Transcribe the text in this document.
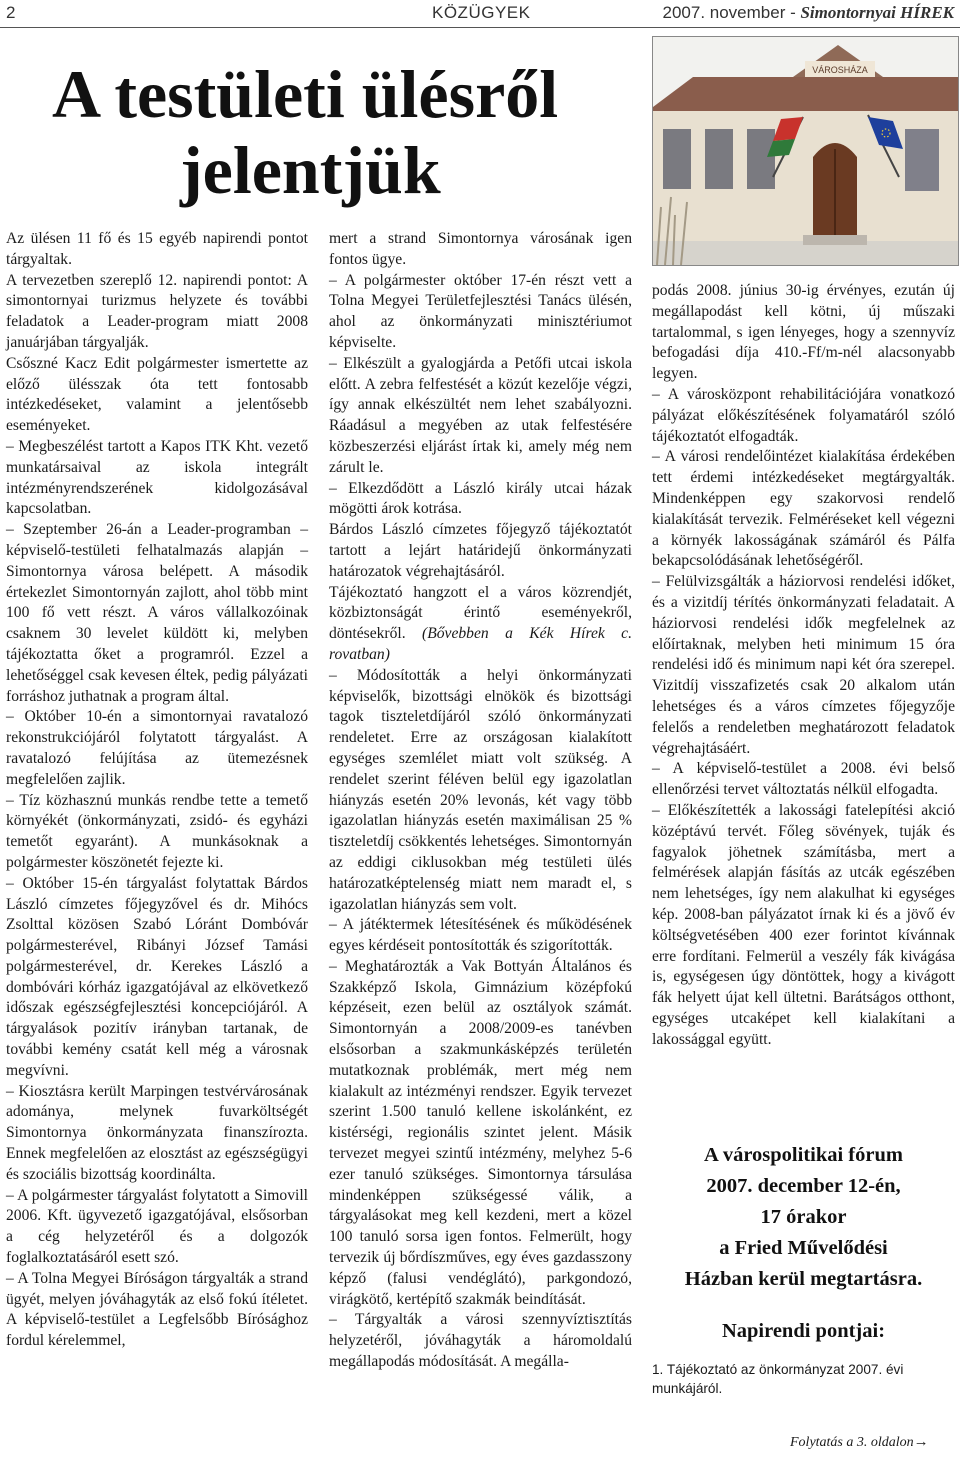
2	KÖZÜGYEK	2007. november - Simontornyai HÍREK
A testületi ülésről
jelentjük
VÁROSHÁZA

Az ülésen 11 fő és 15 egyéb napirendi pontot tárgyaltak.

A tervezetben szereplő 12. napirendi pontot: A simontornyai turizmus helyzete és további feladatok a Leader-program miatt 2008 januárjában tárgyalják.

Csőszné Kacz Edit polgármester ismertette az előző ülésszak óta tett fontosabb intézkedéseket, valamint a jelentősebb eseményeket.

– Megbeszélést tartott a Kapos ITK Kht. vezető munkatársaival az iskola integrált intézményrendszerének kidolgozásával kapcsolatban.

– Szeptember 26-án a Leader-programban – képviselő-testületi felhatalmazás alapján – Simontornya városa belépett. A második értekezlet Simontornyán zajlott, ahol több mint 100 fő vett részt. A város vállalkozóinak csaknem 30 levelet küldött ki, melyben tájékoztatta őket a programról. Ezzel a lehetőséggel csak kevesen éltek, pedig pályázati forráshoz juthatnak a program által.

– Október 10-én a simontornyai ravatalozó rekonstrukciójáról folytatott tárgyalást. A ravatalozó felújítása az ütemezésnek megfelelően zajlik.

– Tíz közhasznú munkás rendbe tette a temető környékét (önkormányzati, zsidó- és egyházi temetőt egyaránt). A munkásoknak a polgármester köszönetét fejezte ki.

– Október 15-én tárgyalást folytattak Bárdos László címzetes főjegyzővel és dr. Mihócs Zsolttal közösen Szabó Lóránt Dombóvár polgármesterével, Ribányi József Tamási polgármesterével, dr. Kerekes László a dombóvári kórház igazgatójával az elkövetkező időszak egészségfejlesztési koncepciójáról. A tárgyalások pozitív irányban tartanak, de további kemény csatát kell még a városnak megvívni.

– Kiosztásra került Marpingen testvérvárosának adománya, melynek fuvarköltségét Simontornya önkormányzata finanszírozta. Ennek megfelelően az elosztást az egészségügyi és szociális bizottság koordinálta.

– A polgármester tárgyalást folytatott a Simovill 2006. Kft. ügyvezető igazgatójával, elsősorban a cég helyzetéről és a dolgozók foglalkoztatásáról esett szó.

– A Tolna Megyei Bíróságon tárgyalták a strand ügyét, melyen jóváhagyták az első fokú ítéletet. A képviselő-testület a Legfelsőbb Bírósághoz fordul kérelemmel,

mert a strand Simontornya városának igen fontos ügye.

– A polgármester október 17-én részt vett a Tolna Megyei Területfejlesztési Tanács ülésén, ahol az önkormányzati minisztériumot képviselte.

– Elkészült a gyalogjárda a Petőfi utcai iskola előtt. A zebra felfestését a közút kezelője végzi, így annak elkészültét nem lehet szabályozni. Ráadásul a megyében az utak felfestésére közbeszerzési eljárást írtak ki, amely még nem zárult le.

– Elkezdődött a László király utcai házak mögötti árok kotrása.

Bárdos László címzetes főjegyző tájékoztatót tartott a lejárt határidejű önkormányzati határozatok végrehajtásáról.

Tájékoztató hangzott el a város közrendjét, közbiztonságát érintő eseményekről, döntésekről. (Bővebben a Kék Hírek c. rovatban)

– Módosították a helyi önkormányzati képviselők, bizottsági elnökök és bizottsági tagok tiszteletdíjáról szóló önkormányzati rendeletet. Erre az országosan kialakított egységes szemlélet miatt volt szükség. A rendelet szerint féléven belül egy igazolatlan hiányzás esetén 20% levonás, két vagy több igazolatlan hiányzás esetén maximálisan 25 % tiszteletdíj csökkentés lehetséges. Simontornyán az eddigi ciklusokban még testületi ülés határozatképtelenség miatt nem maradt el, s igazolatlan hiányzás sem volt.

– A játéktermek létesítésének és működésének egyes kérdéseit pontosították és szigorították.

– Meghatározták a Vak Bottyán Általános és Szakképző Iskola, Gimnázium középfokú képzéseit, ezen belül az osztályok számát. Simontornyán a 2008/2009-es tanévben elsősorban a szakmunkásképzés területén mutatkoznak problémák, mert még nem kialakult az intézményi rendszer. Egyik tervezet szerint 1.500 tanuló kellene iskolánként, ez kistérségi, regionális szintet jelent. Másik tervezet megyei szintű intézmény, melyhez 5-6 ezer tanuló szükséges. Simontornya társulása mindenképpen szükségessé válik, a tárgyalásokat meg kell kezdeni, mert a közel 100 tanuló sorsa igen fontos. Felmerült, hogy tervezik új bőrdíszműves, egy éves gazdasszony képző (falusi vendéglátó), parkgondozó, virágkötő, kertépítő szakmák beindítását.

– Tárgyalták a városi szennyvíztisztítás helyzetéről, jóváhagyták a háromoldalú megállapodás módosítását. A megálla-

podás 2008. június 30-ig érvényes, ezután új megállapodást kell kötni, új műszaki tartalommal, s igen lényeges, hogy a szennyvíz befogadási díja 410.-Ff/m-nél alacsonyabb legyen.

– A városközpont rehabilitációjára vonatkozó pályázat előkészítésének folyamatáról szóló tájékoztatót elfogadták.

– A városi rendelőintézet kialakítása érdekében tett érdemi intézkedéseket megtárgyalták. Mindenképpen egy szakorvosi rendelő kialakítását tervezik. Felméréseket kell végezni a környék lakosságának számáról és Pálfa bekapcsolódásának lehetőségéről.

– Felülvizsgálták a háziorvosi rendelési időket, és a vizitdíj térítés önkormányzati feladatait. A háziorvosi rendelési idők megfelelnek az előírtaknak, melyben heti minimum 15 óra rendelési idő és minimum napi két óra szerepel. Vizitdíj visszafizetés csak 20 alkalom után lehetséges és a város címzetes főjegyzője felelős a rendeletben meghatározott feladatok végrehajtásáért.

– A képviselő-testület a 2008. évi belső ellenőrzési tervet változtatás nélkül elfogadta.

– Előkészítették a lakossági fatelepítési akció középtávú tervét. Főleg sövények, tuják és fagyalok jöhetnek számításba, mert a felmérések alapján fásítás az utcák egészében nem lehetséges, így nem alakulhat ki egységes kép. 2008-ban pályázatot írnak ki és a jövő év költségvetésében 400 ezer forintot kívánnak erre fordítani. Felmerül a veszély fák kivágása is, egységesen úgy döntöttek, hogy a kivágott fák helyett újat kell ültetni. Barátságos otthont, egységes utcaképet kell kialakítani a lakossággal együtt.

A várospolitikai fórum
2007. december 12-én,
17 órakor
a Fried Művelődési
Házban kerül megtartásra.
Napirendi pontjai:
1. Tájékoztató az önkormányzat 2007. évi munkájáról.
Folytatás a 3. oldalon→
